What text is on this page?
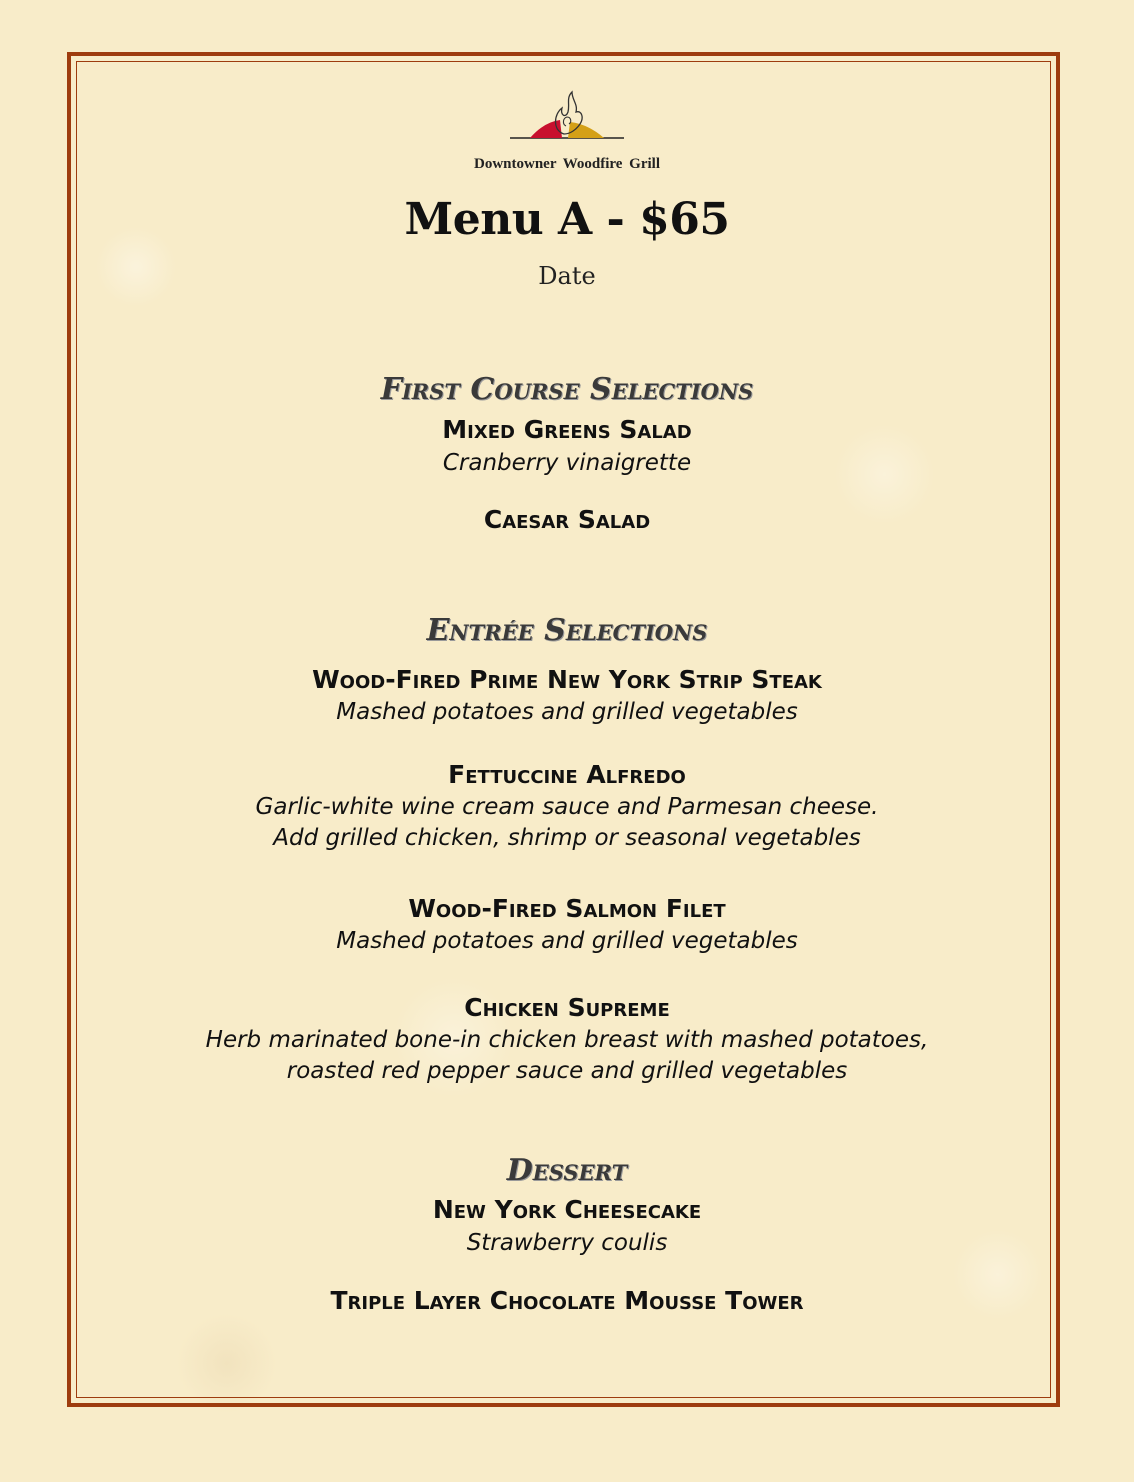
Downtowner Woodfire Grill
Menu A - $65
Date
First Course Selections
Mixed Greens Salad
Cranberry vinaigrette
Caesar Salad
Entrée Selections
Wood-Fired Prime New York Strip Steak
Mashed potatoes and grilled vegetables
Fettuccine Alfredo
Garlic-white wine cream sauce and Parmesan cheese.
Add grilled chicken, shrimp or seasonal vegetables
Wood-Fired Salmon Filet
Mashed potatoes and grilled vegetables
Chicken Supreme
Herb marinated bone-in chicken breast with mashed potatoes,
roasted red pepper sauce and grilled vegetables
Dessert
New York Cheesecake
Strawberry coulis
Triple Layer Chocolate Mousse Tower
